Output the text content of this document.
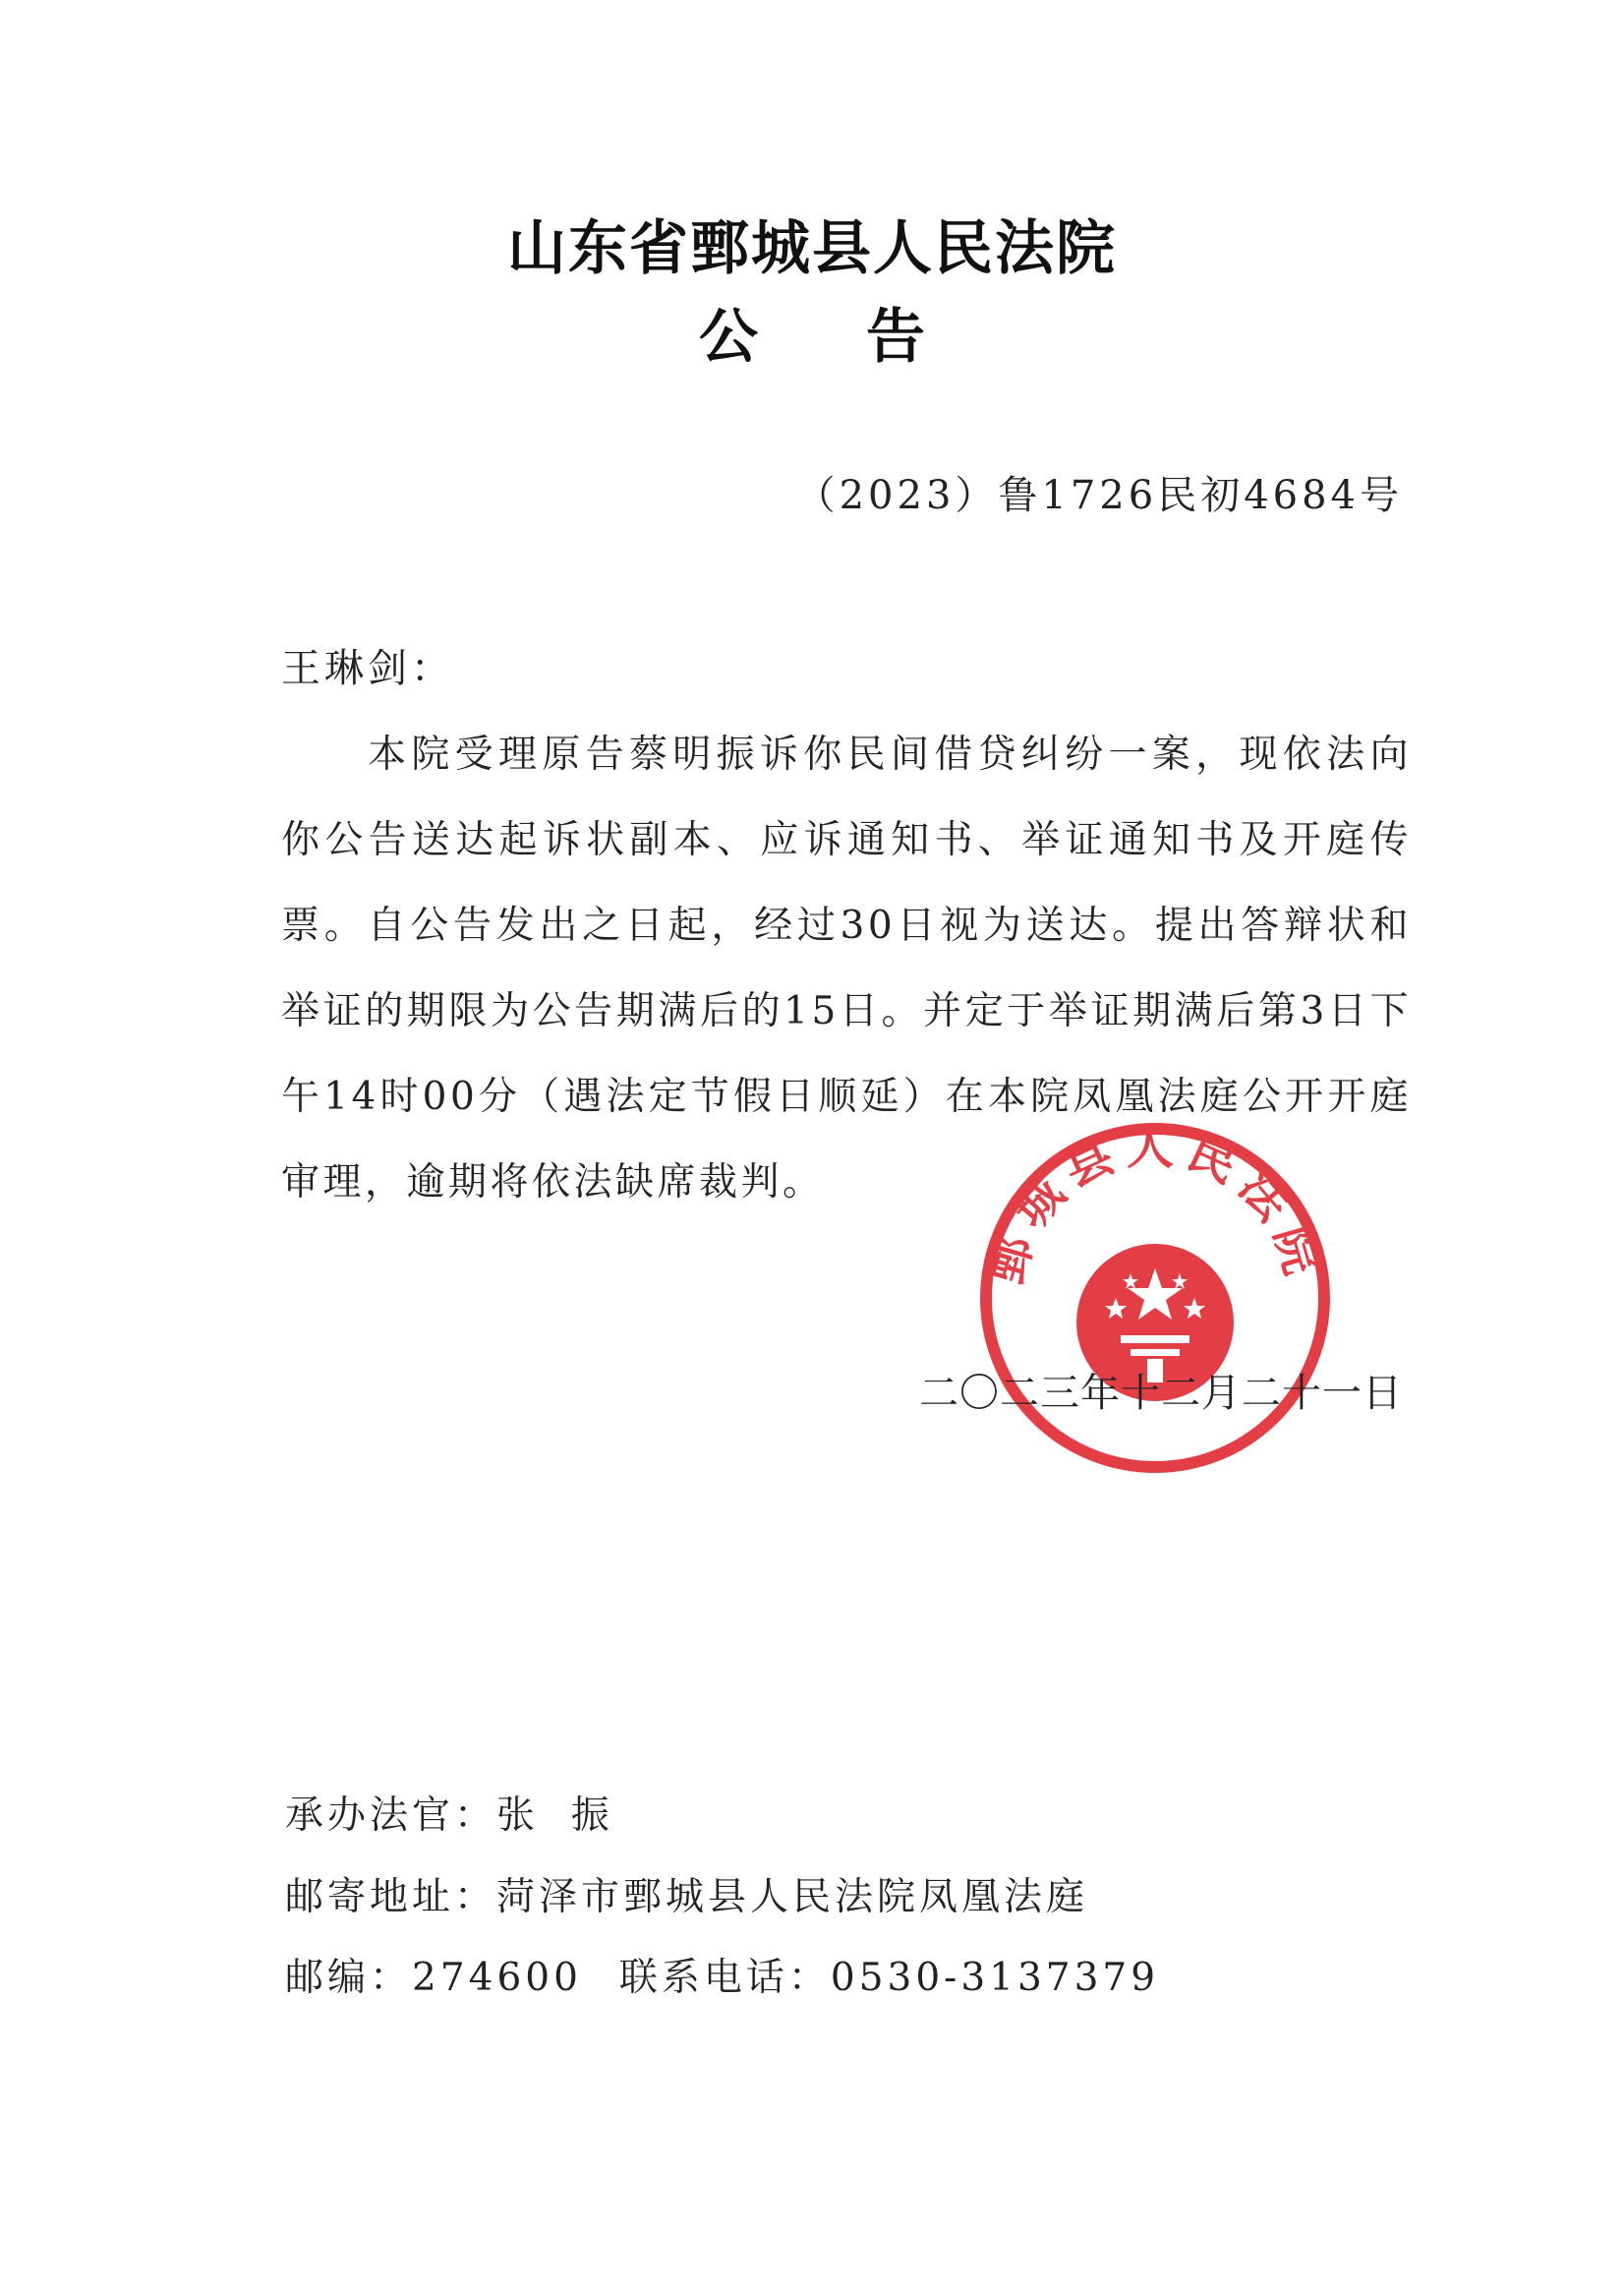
山东省鄄城县人民法院
公告
（2023）鲁1726民初4684号
王琳剑：
本院受理原告蔡明振诉你民间借贷纠纷一案，现依法向你公告送达起诉状副本、应诉通知书、举证通知书及开庭传票。自公告发出之日起，经过30日视为送达。提出答辩状和举证的期限为公告期满后的15日。并定于举证期满后第3日下午14时00分（遇法定节假日顺延）在本院凤凰法庭公开开庭审理，逾期将依法缺席裁判。
鄄城县人民法院
二〇二三年十二月二十一日
承办法官：张  振
邮寄地址：菏泽市鄄城县人民法院凤凰法庭
邮编：274600 联系电话：0530-3137379
